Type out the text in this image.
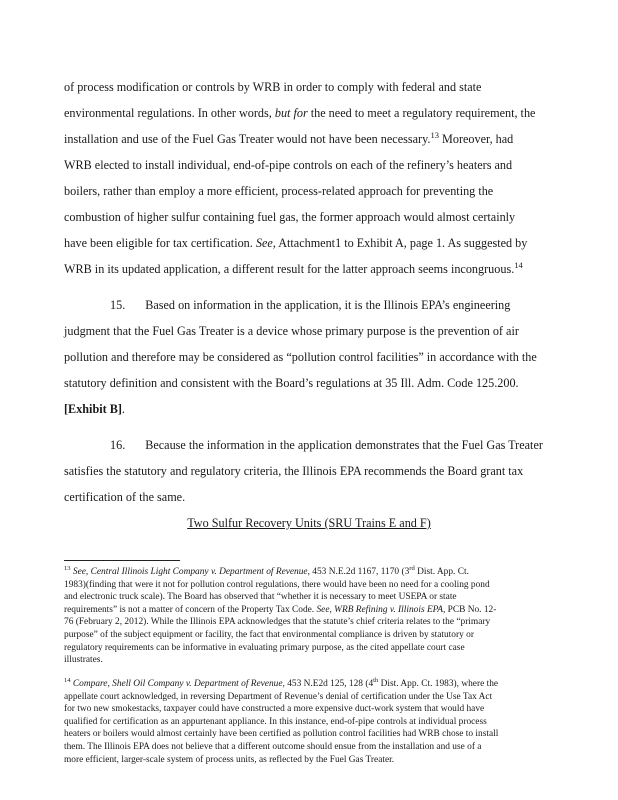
of process modification or controls by WRB in order to comply with federal and state

environmental regulations. In other words, but for the need to meet a regulatory requirement, the

installation and use of the Fuel Gas Treater would not have been necessary.$^{13}$ Moreover, had

WRB elected to install individual, end-of-pipe controls on each of the refinery’s heaters and

boilers, rather than employ a more efficient, process-related approach for preventing the

combustion of higher sulfur containing fuel gas, the former approach would almost certainly

have been eligible for tax certification. See, Attachment1 to Exhibit A, page 1. As suggested by

WRB in its updated application, a different result for the latter approach seems incongruous.$^{14}$

15. Based on information in the application, it is the Illinois EPA’s engineering

judgment that the Fuel Gas Treater is a device whose primary purpose is the prevention of air

pollution and therefore may be considered as “pollution control facilities” in accordance with the

statutory definition and consistent with the Board’s regulations at 35 Ill. Adm. Code 125.200.

[Exhibit B].

16. Because the information in the application demonstrates that the Fuel Gas Treater

satisfies the statutory and regulatory criteria, the Illinois EPA recommends the Board grant tax

certification of the same.

Two Sulfur Recovery Units (SRU Trains E and F)

$^{13}$ See, Central Illinois Light Company v. Department of Revenue, 453 N.E.2d 1167, 1170 (3rd Dist. App. Ct.
1983)(finding that were it not for pollution control regulations, there would have been no need for a cooling pond
and electronic truck scale). The Board has observed that “whether it is necessary to meet USEPA or state
requirements” is not a matter of concern of the Property Tax Code. See, WRB Refining v. Illinois EPA, PCB No. 12-
76 (February 2, 2012). While the Illinois EPA acknowledges that the statute’s chief criteria relates to the “primary
purpose” of the subject equipment or facility, the fact that environmental compliance is driven by statutory or
regulatory requirements can be informative in evaluating primary purpose, as the cited appellate court case
illustrates.

$^{14}$ Compare, Shell Oil Company v. Department of Revenue, 453 N.E2d 125, 128 (4th Dist. App. Ct. 1983), where the
appellate court acknowledged, in reversing Department of Revenue’s denial of certification under the Use Tax Act
for two new smokestacks, taxpayer could have constructed a more expensive duct-work system that would have
qualified for certification as an appurtenant appliance. In this instance, end-of-pipe controls at individual process
heaters or boilers would almost certainly have been certified as pollution control facilities had WRB chose to install
them. The Illinois EPA does not believe that a different outcome should ensue from the installation and use of a
more efficient, larger-scale system of process units, as reflected by the Fuel Gas Treater.
